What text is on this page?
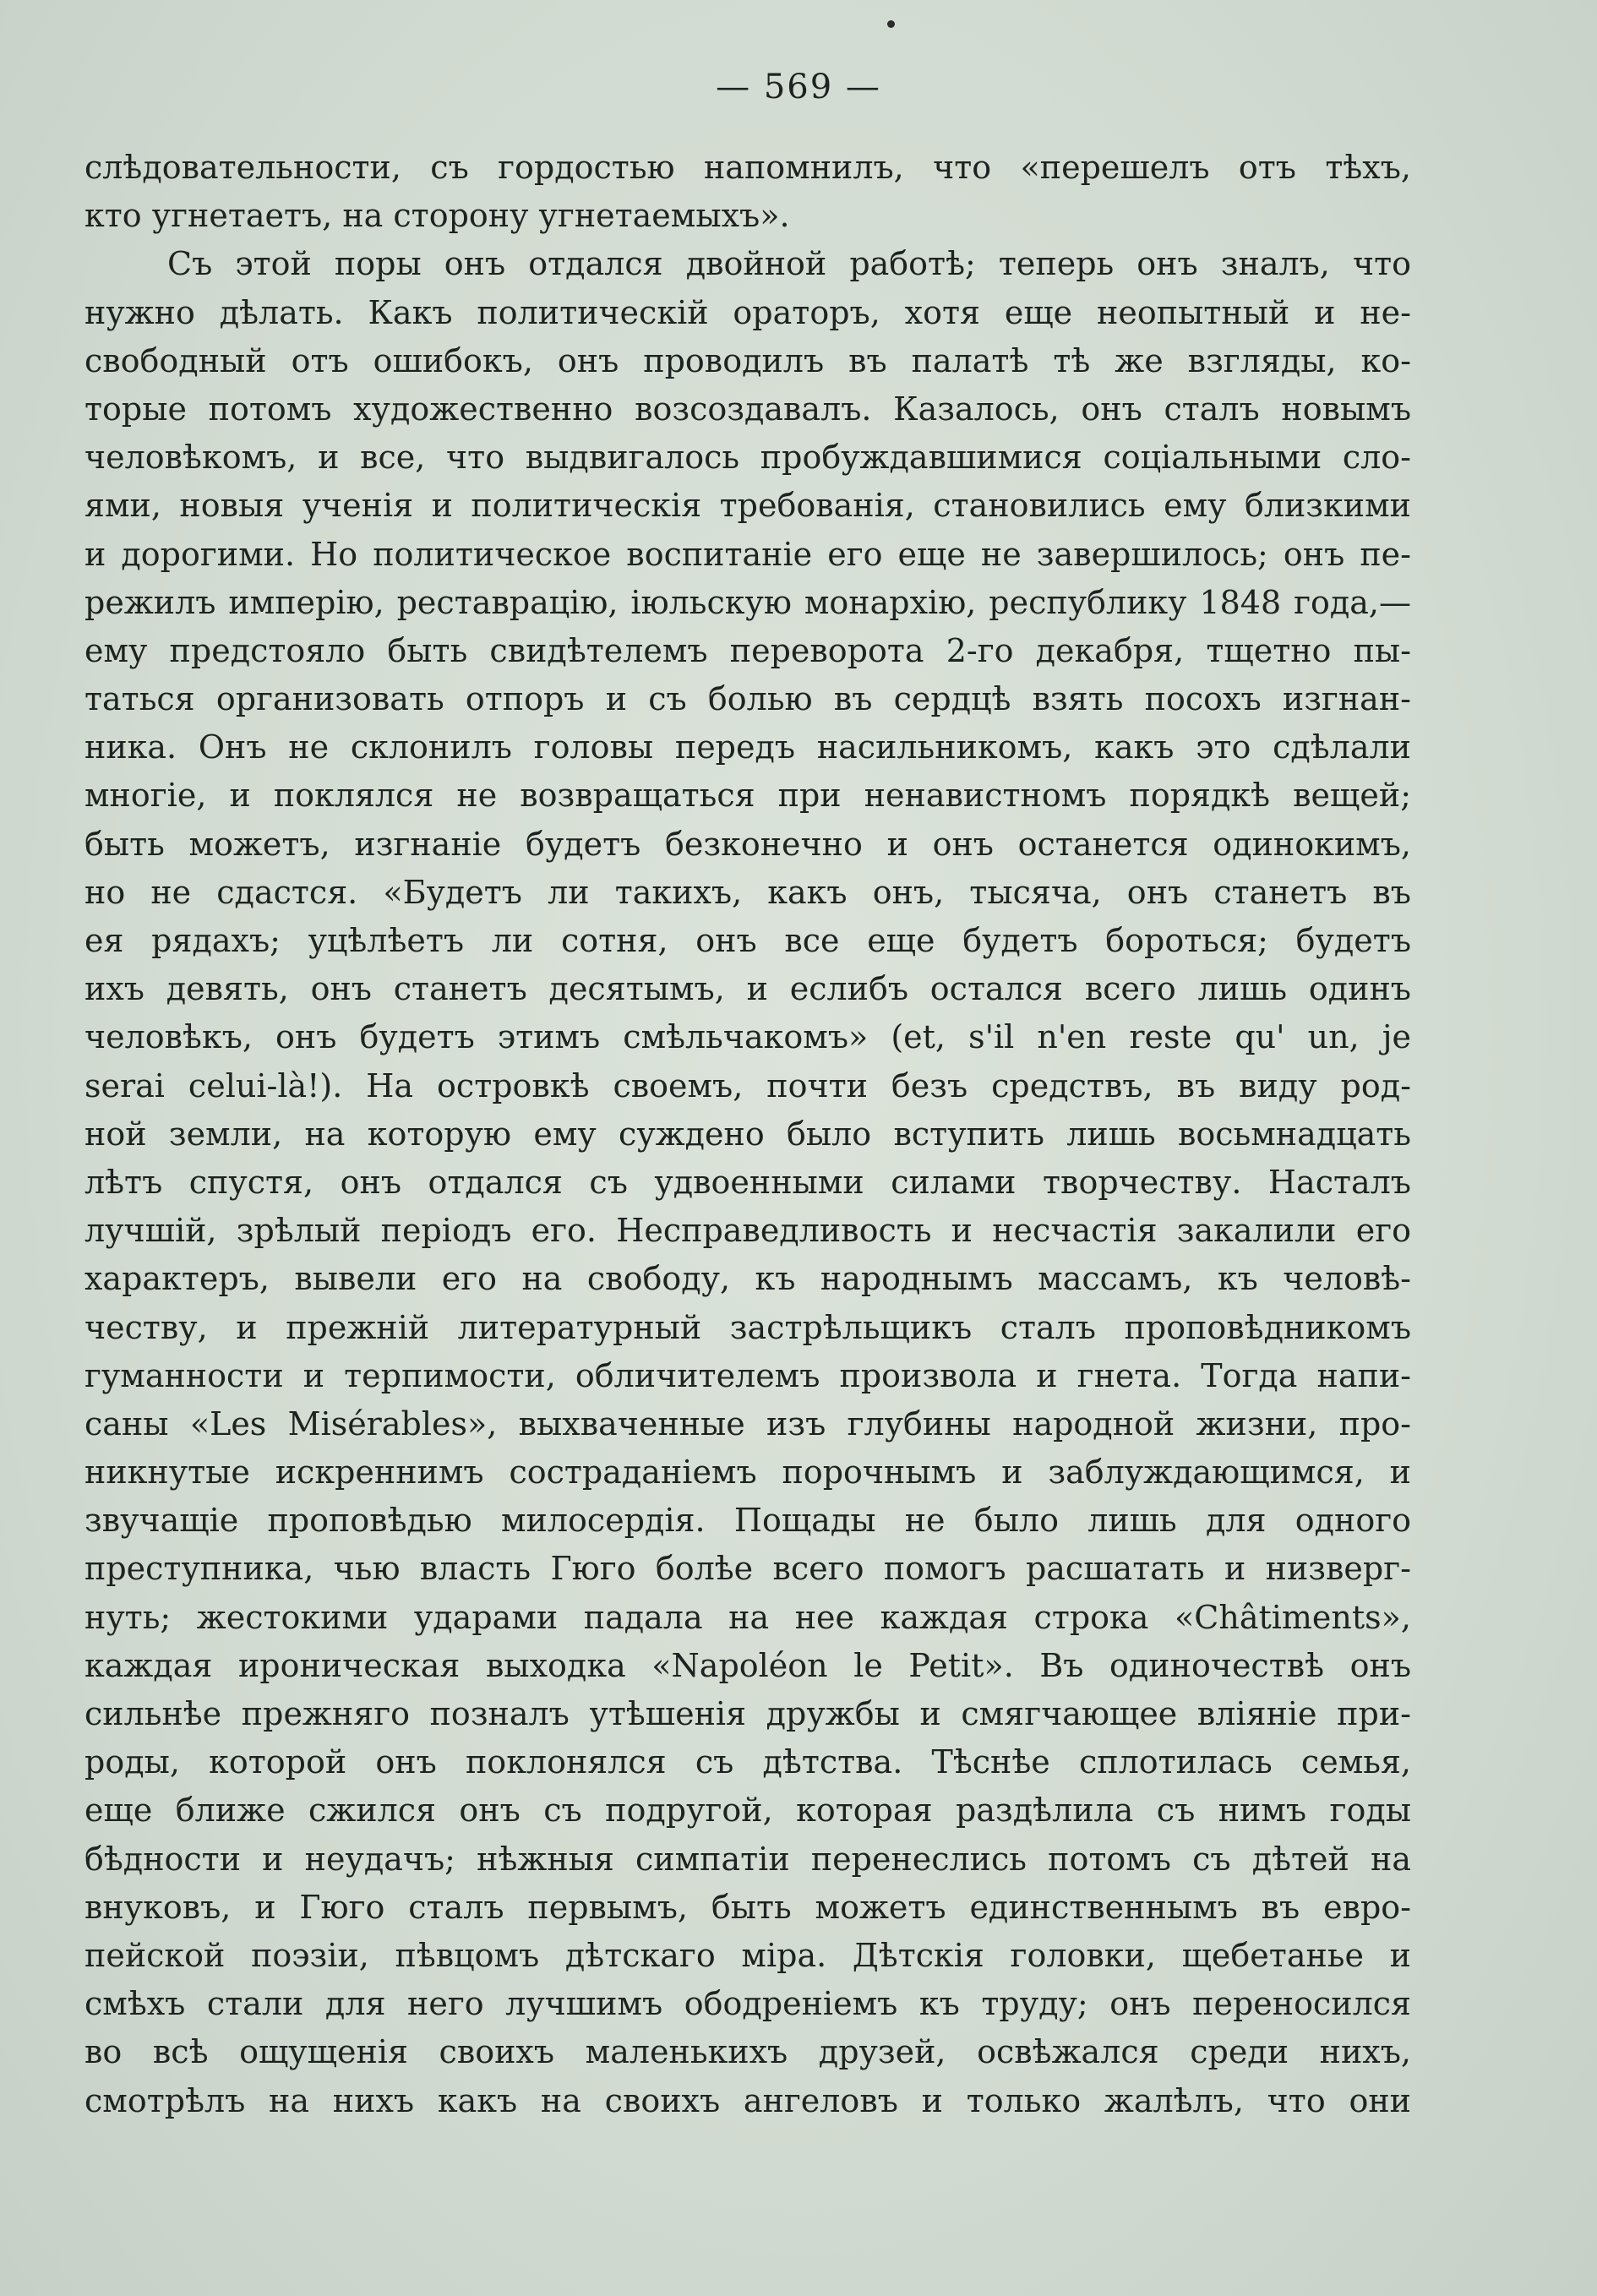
— 569 —
слѣдовательности, съ гордостью напомнилъ, что «перешелъ отъ тѣхъ,
кто угнетаетъ, на сторону угнетаемыхъ».
Съ этой поры онъ отдался двойной работѣ; теперь онъ зналъ, что
нужно дѣлать. Какъ политическій ораторъ, хотя еще неопытный и не-
свободный отъ ошибокъ, онъ проводилъ въ палатѣ тѣ же взгляды, ко-
торые потомъ художественно возсоздавалъ. Казалось, онъ сталъ новымъ
человѣкомъ, и все, что выдвигалось пробуждавшимися соціальными сло-
ями, новыя ученія и политическія требованія, становились ему близкими
и дорогими. Но политическое воспитаніе его еще не завершилось; онъ пе-
режилъ имперію, реставрацію, іюльскую монархію, республику 1848 года,—
ему предстояло быть свидѣтелемъ переворота 2-го декабря, тщетно пы-
таться организовать отпоръ и съ болью въ сердцѣ взять посохъ изгнан-
ника. Онъ не склонилъ головы передъ насильникомъ, какъ это сдѣлали
многіе, и поклялся не возвращаться при ненавистномъ порядкѣ вещей;
быть можетъ, изгнаніе будетъ безконечно и онъ останется одинокимъ,
но не сдастся. «Будетъ ли такихъ, какъ онъ, тысяча, онъ станетъ въ
ея рядахъ; уцѣлѣетъ ли сотня, онъ все еще будетъ бороться; будетъ
ихъ девять, онъ станетъ десятымъ, и еслибъ остался всего лишь одинъ
человѣкъ, онъ будетъ этимъ смѣльчакомъ» (et, s'il n'en reste qu' un, je
serai celui-là!). На островкѣ своемъ, почти безъ средствъ, въ виду род-
ной земли, на которую ему суждено было вступить лишь восьмнадцать
лѣтъ спустя, онъ отдался съ удвоенными силами творчеству. Насталъ
лучшій, зрѣлый періодъ его. Несправедливость и несчастія закалили его
характеръ, вывели его на свободу, къ народнымъ массамъ, къ человѣ-
честву, и прежній литературный застрѣльщикъ сталъ проповѣдникомъ
гуманности и терпимости, обличителемъ произвола и гнета. Тогда напи-
саны «Les Misérables», выхваченные изъ глубины народной жизни, про-
никнутые искреннимъ состраданіемъ порочнымъ и заблуждающимся, и
звучащіе проповѣдью милосердія. Пощады не было лишь для одного
преступника, чью власть Гюго болѣе всего помогъ расшатать и низверг-
нуть; жестокими ударами падала на нее каждая строка «Châtiments»,
каждая ироническая выходка «Napoléon le Petit». Въ одиночествѣ онъ
сильнѣе прежняго позналъ утѣшенія дружбы и смягчающее вліяніе при-
роды, которой онъ поклонялся съ дѣтства. Тѣснѣе сплотилась семья,
еще ближе сжился онъ съ подругой, которая раздѣлила съ нимъ годы
бѣдности и неудачъ; нѣжныя симпатіи перенеслись потомъ съ дѣтей на
внуковъ, и Гюго сталъ первымъ, быть можетъ единственнымъ въ евро-
пейской поэзіи, пѣвцомъ дѣтскаго міра. Дѣтскія головки, щебетанье и
смѣхъ стали для него лучшимъ ободреніемъ къ труду; онъ переносился
во всѣ ощущенія своихъ маленькихъ друзей, освѣжался среди нихъ,
смотрѣлъ на нихъ какъ на своихъ ангеловъ и только жалѣлъ, что они
